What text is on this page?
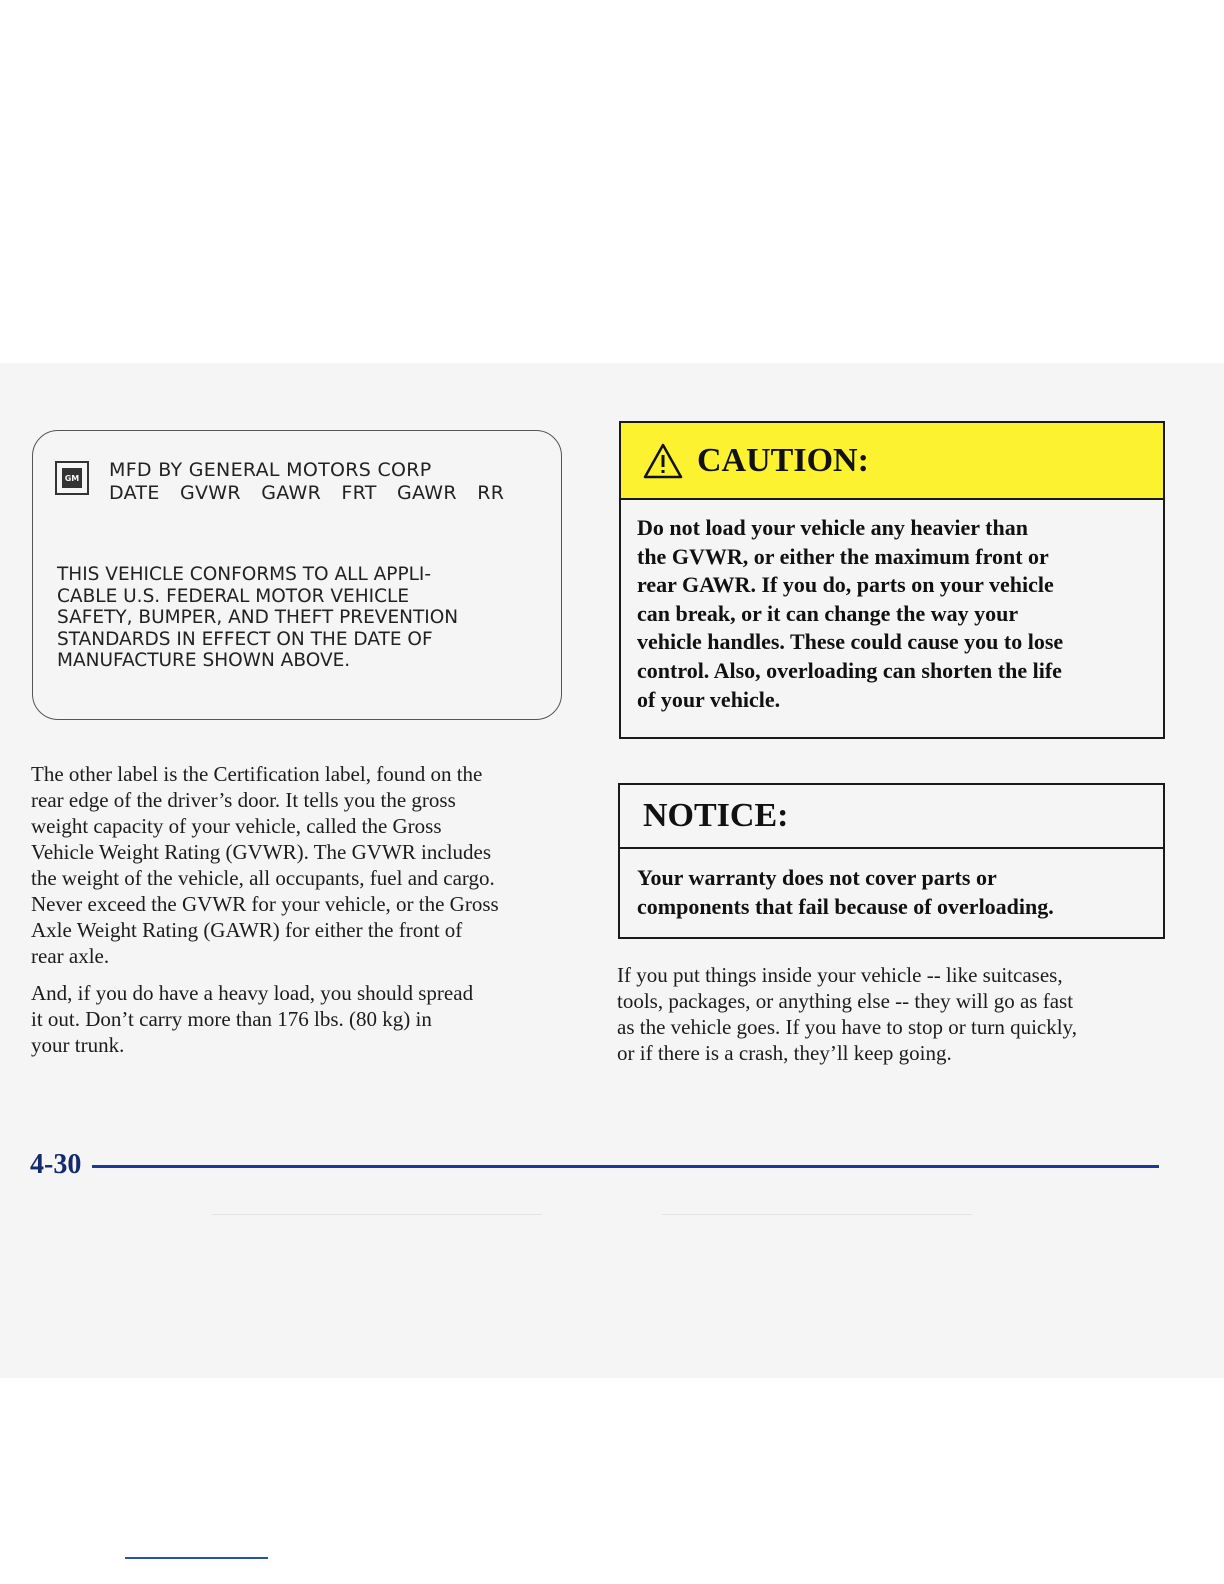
GM MFD BY GENERAL MOTORS CORP
DATE GVWR GAWR FRT GAWR RR
THIS VEHICLE CONFORMS TO ALL APPLI-
CABLE U.S. FEDERAL MOTOR VEHICLE
SAFETY, BUMPER, AND THEFT PREVENTION
STANDARDS IN EFFECT ON THE DATE OF
MANUFACTURE SHOWN ABOVE.
The other label is the Certification label, found on the
rear edge of the driver’s door. It tells you the gross
weight capacity of your vehicle, called the Gross
Vehicle Weight Rating (GVWR). The GVWR includes
the weight of the vehicle, all occupants, fuel and cargo.
Never exceed the GVWR for your vehicle, or the Gross
Axle Weight Rating (GAWR) for either the front of
rear axle.
And, if you do have a heavy load, you should spread
it out. Don’t carry more than 176 lbs. (80 kg) in
your trunk.
CAUTION:
Do not load your vehicle any heavier than
the GVWR, or either the maximum front or
rear GAWR. If you do, parts on your vehicle
can break, or it can change the way your
vehicle handles. These could cause you to lose
control. Also, overloading can shorten the life
of your vehicle.
NOTICE:
Your warranty does not cover parts or
components that fail because of overloading.
If you put things inside your vehicle -- like suitcases,
tools, packages, or anything else -- they will go as fast
as the vehicle goes. If you have to stop or turn quickly,
or if there is a crash, they’ll keep going.
4-30
